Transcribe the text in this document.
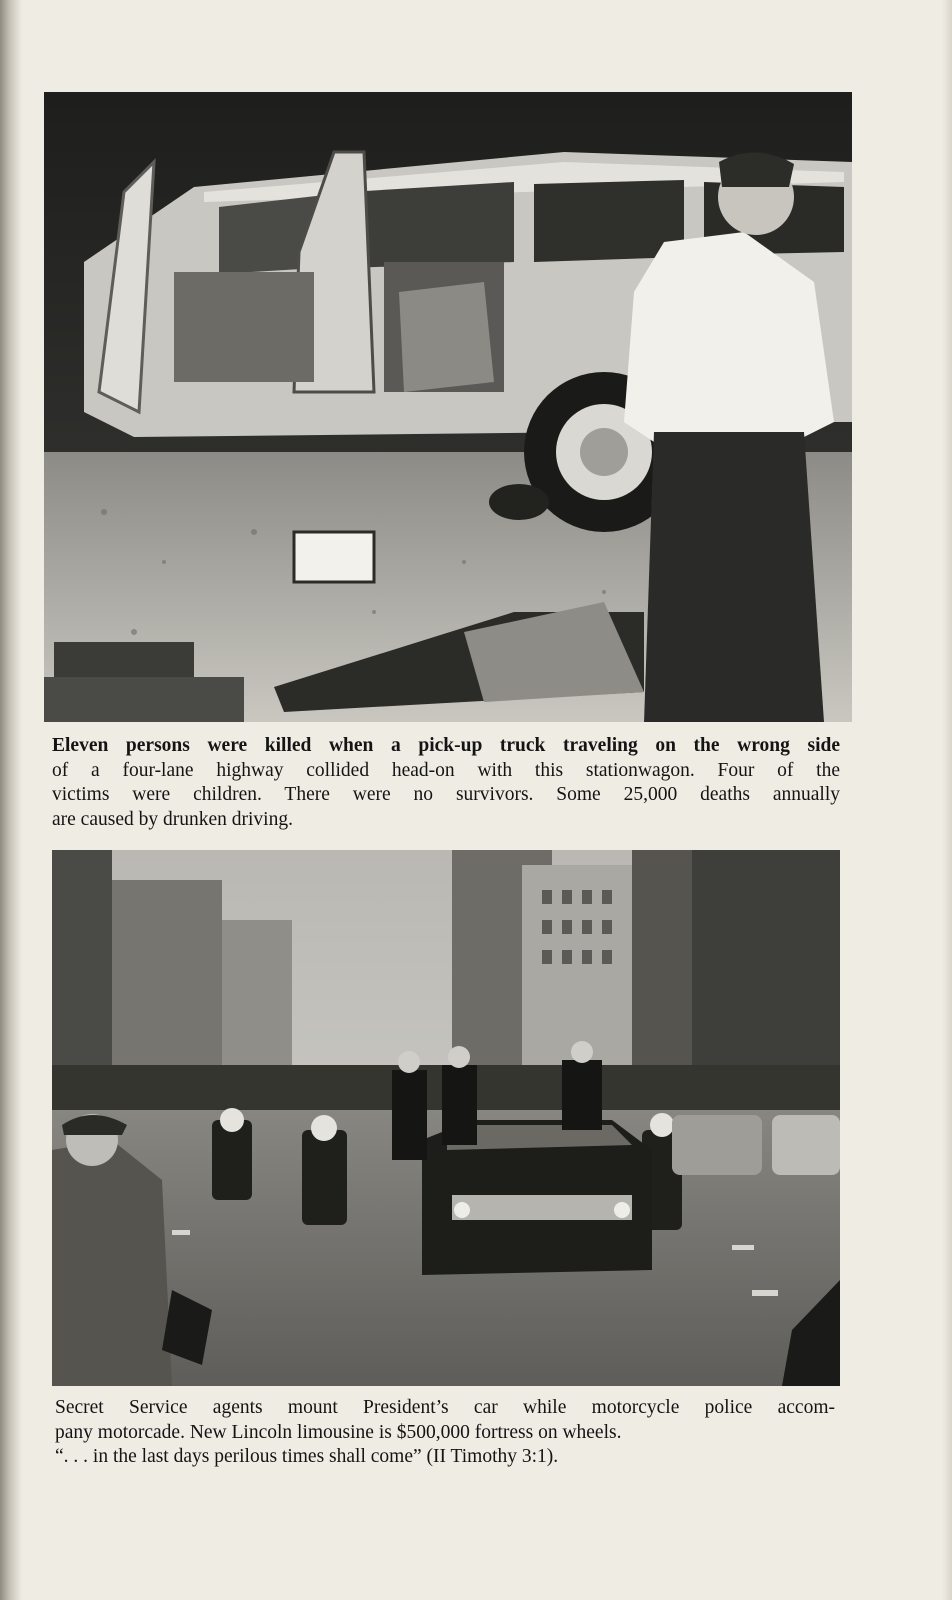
Eleven persons were killed when a pick-up truck traveling on the wrong side
of a four-lane highway collided head-on with this stationwagon. Four of the
victims were children. There were no survivors. Some 25,000 deaths annually
are caused by drunken driving.
Secret Service agents mount President’s car while motorcycle police accom-
pany motorcade. New Lincoln limousine is $500,000 fortress on wheels.
“. . . in the last days perilous times shall come” (II Timothy 3:1).
